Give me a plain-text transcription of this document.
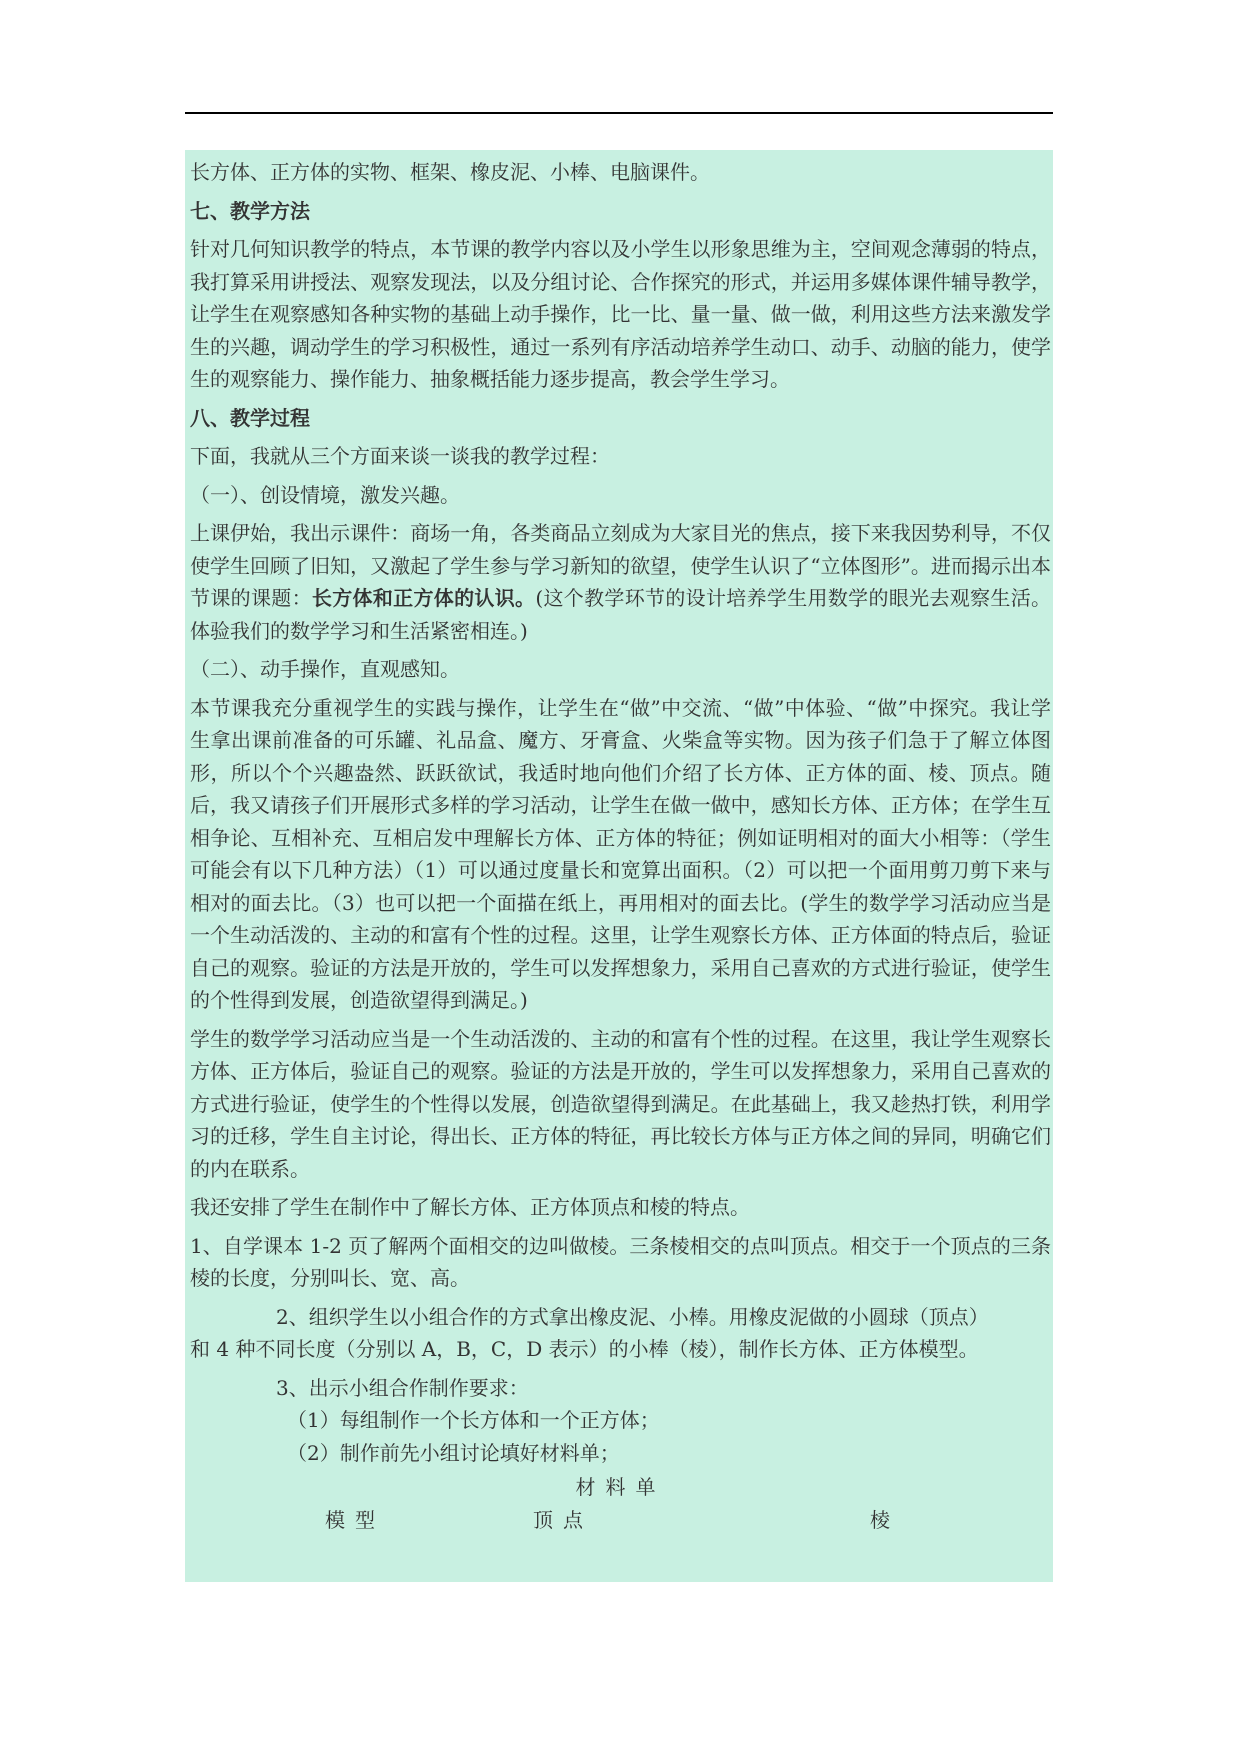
长方体、正方体的实物、框架、橡皮泥、小棒、电脑课件。

七、教学方法

针对几何知识教学的特点，本节课的教学内容以及小学生以形象思维为主，空间观念薄弱的特点，我打算采用讲授法、观察发现法，以及分组讨论、合作探究的形式，并运用多媒体课件辅导教学，让学生在观察感知各种实物的基础上动手操作，比一比、量一量、做一做，利用这些方法来激发学生的兴趣，调动学生的学习积极性，通过一系列有序活动培养学生动口、动手、动脑的能力，使学生的观察能力、操作能力、抽象概括能力逐步提高，教会学生学习。

八、教学过程

下面，我就从三个方面来谈一谈我的教学过程：

（一）、创设情境，激发兴趣。

上课伊始，我出示课件：商场一角，各类商品立刻成为大家目光的焦点，接下来我因势利导，不仅使学生回顾了旧知，又激起了学生参与学习新知的欲望，使学生认识了“立体图形”。进而揭示出本节课的课题：长方体和正方体的认识。(这个教学环节的设计培养学生用数学的眼光去观察生活。体验我们的数学学习和生活紧密相连。)

（二）、动手操作，直观感知。

本节课我充分重视学生的实践与操作，让学生在“做”中交流、“做”中体验、“做”中探究。我让学生拿出课前准备的可乐罐、礼品盒、魔方、牙膏盒、火柴盒等实物。因为孩子们急于了解立体图形，所以个个兴趣盎然、跃跃欲试，我适时地向他们介绍了长方体、正方体的面、棱、顶点。随后，我又请孩子们开展形式多样的学习活动，让学生在做一做中，感知长方体、正方体；在学生互相争论、互相补充、互相启发中理解长方体、正方体的特征；例如证明相对的面大小相等：（学生可能会有以下几种方法）（1）可以通过度量长和宽算出面积。（2）可以把一个面用剪刀剪下来与相对的面去比。（3）也可以把一个面描在纸上，再用相对的面去比。(学生的数学学习活动应当是一个生动活泼的、主动的和富有个性的过程。这里，让学生观察长方体、正方体面的特点后，验证自己的观察。验证的方法是开放的，学生可以发挥想象力，采用自己喜欢的方式进行验证，使学生的个性得到发展，创造欲望得到满足。)

学生的数学学习活动应当是一个生动活泼的、主动的和富有个性的过程。在这里，我让学生观察长方体、正方体后，验证自己的观察。验证的方法是开放的，学生可以发挥想象力，采用自己喜欢的方式进行验证，使学生的个性得以发展，创造欲望得到满足。在此基础上，我又趁热打铁，利用学习的迁移，学生自主讨论，得出长、正方体的特征，再比较长方体与正方体之间的异同，明确它们的内在联系。

我还安排了学生在制作中了解长方体、正方体顶点和棱的特点。

1、自学课本 1-2 页了解两个面相交的边叫做棱。三条棱相交的点叫顶点。相交于一个顶点的三条棱的长度，分别叫长、宽、高。

2、组织学生以小组合作的方式拿出橡皮泥、小棒。用橡皮泥做的小圆球（顶点）

和 4 种不同长度（分别以 A，B，C，D 表示）的小棒（棱），制作长方体、正方体模型。

3、出示小组合作制作要求：

（1）每组制作一个长方体和一个正方体；

（2）制作前先小组讨论填好材料单；

材料单
模型	顶点	棱
